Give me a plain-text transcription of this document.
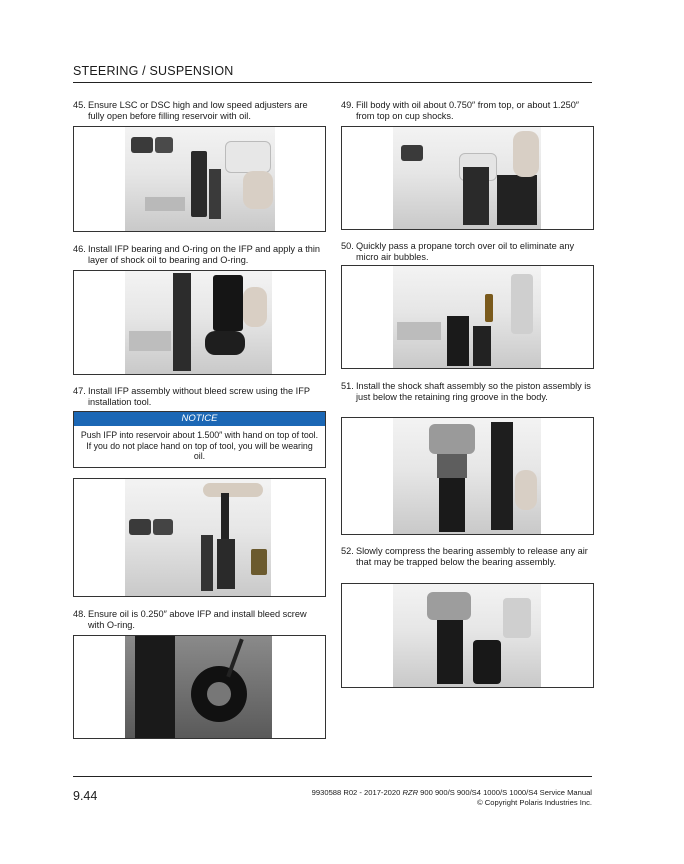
STEERING / SUSPENSION
45. Ensure LSC or DSC high and low speed adjusters are fully open before filling reservoir with oil.
46. Install IFP bearing and O-ring on the IFP and apply a thin layer of shock oil to bearing and O-ring.
47. Install IFP assembly without bleed screw using the IFP installation tool.
NOTICE
Push IFP into reservoir about 1.500″ with hand on top of tool. If you do not place hand on top of tool, you will be wearing oil.
48. Ensure oil is 0.250″ above IFP and install bleed screw with O-ring.
49. Fill body with oil about 0.750″ from top, or about 1.250″ from top on cup shocks.
50. Quickly pass a propane torch over oil to eliminate any micro air bubbles.
51. Install the shock shaft assembly so the piston assembly is just below the retaining ring groove in the body.
52. Slowly compress the bearing assembly to release any air that may be trapped below the bearing assembly.
9.44	9930588 R02 - 2017-2020 RZR 900 900/S 900/S4 1000/S 1000/S4 Service Manual
© Copyright Polaris Industries Inc.
